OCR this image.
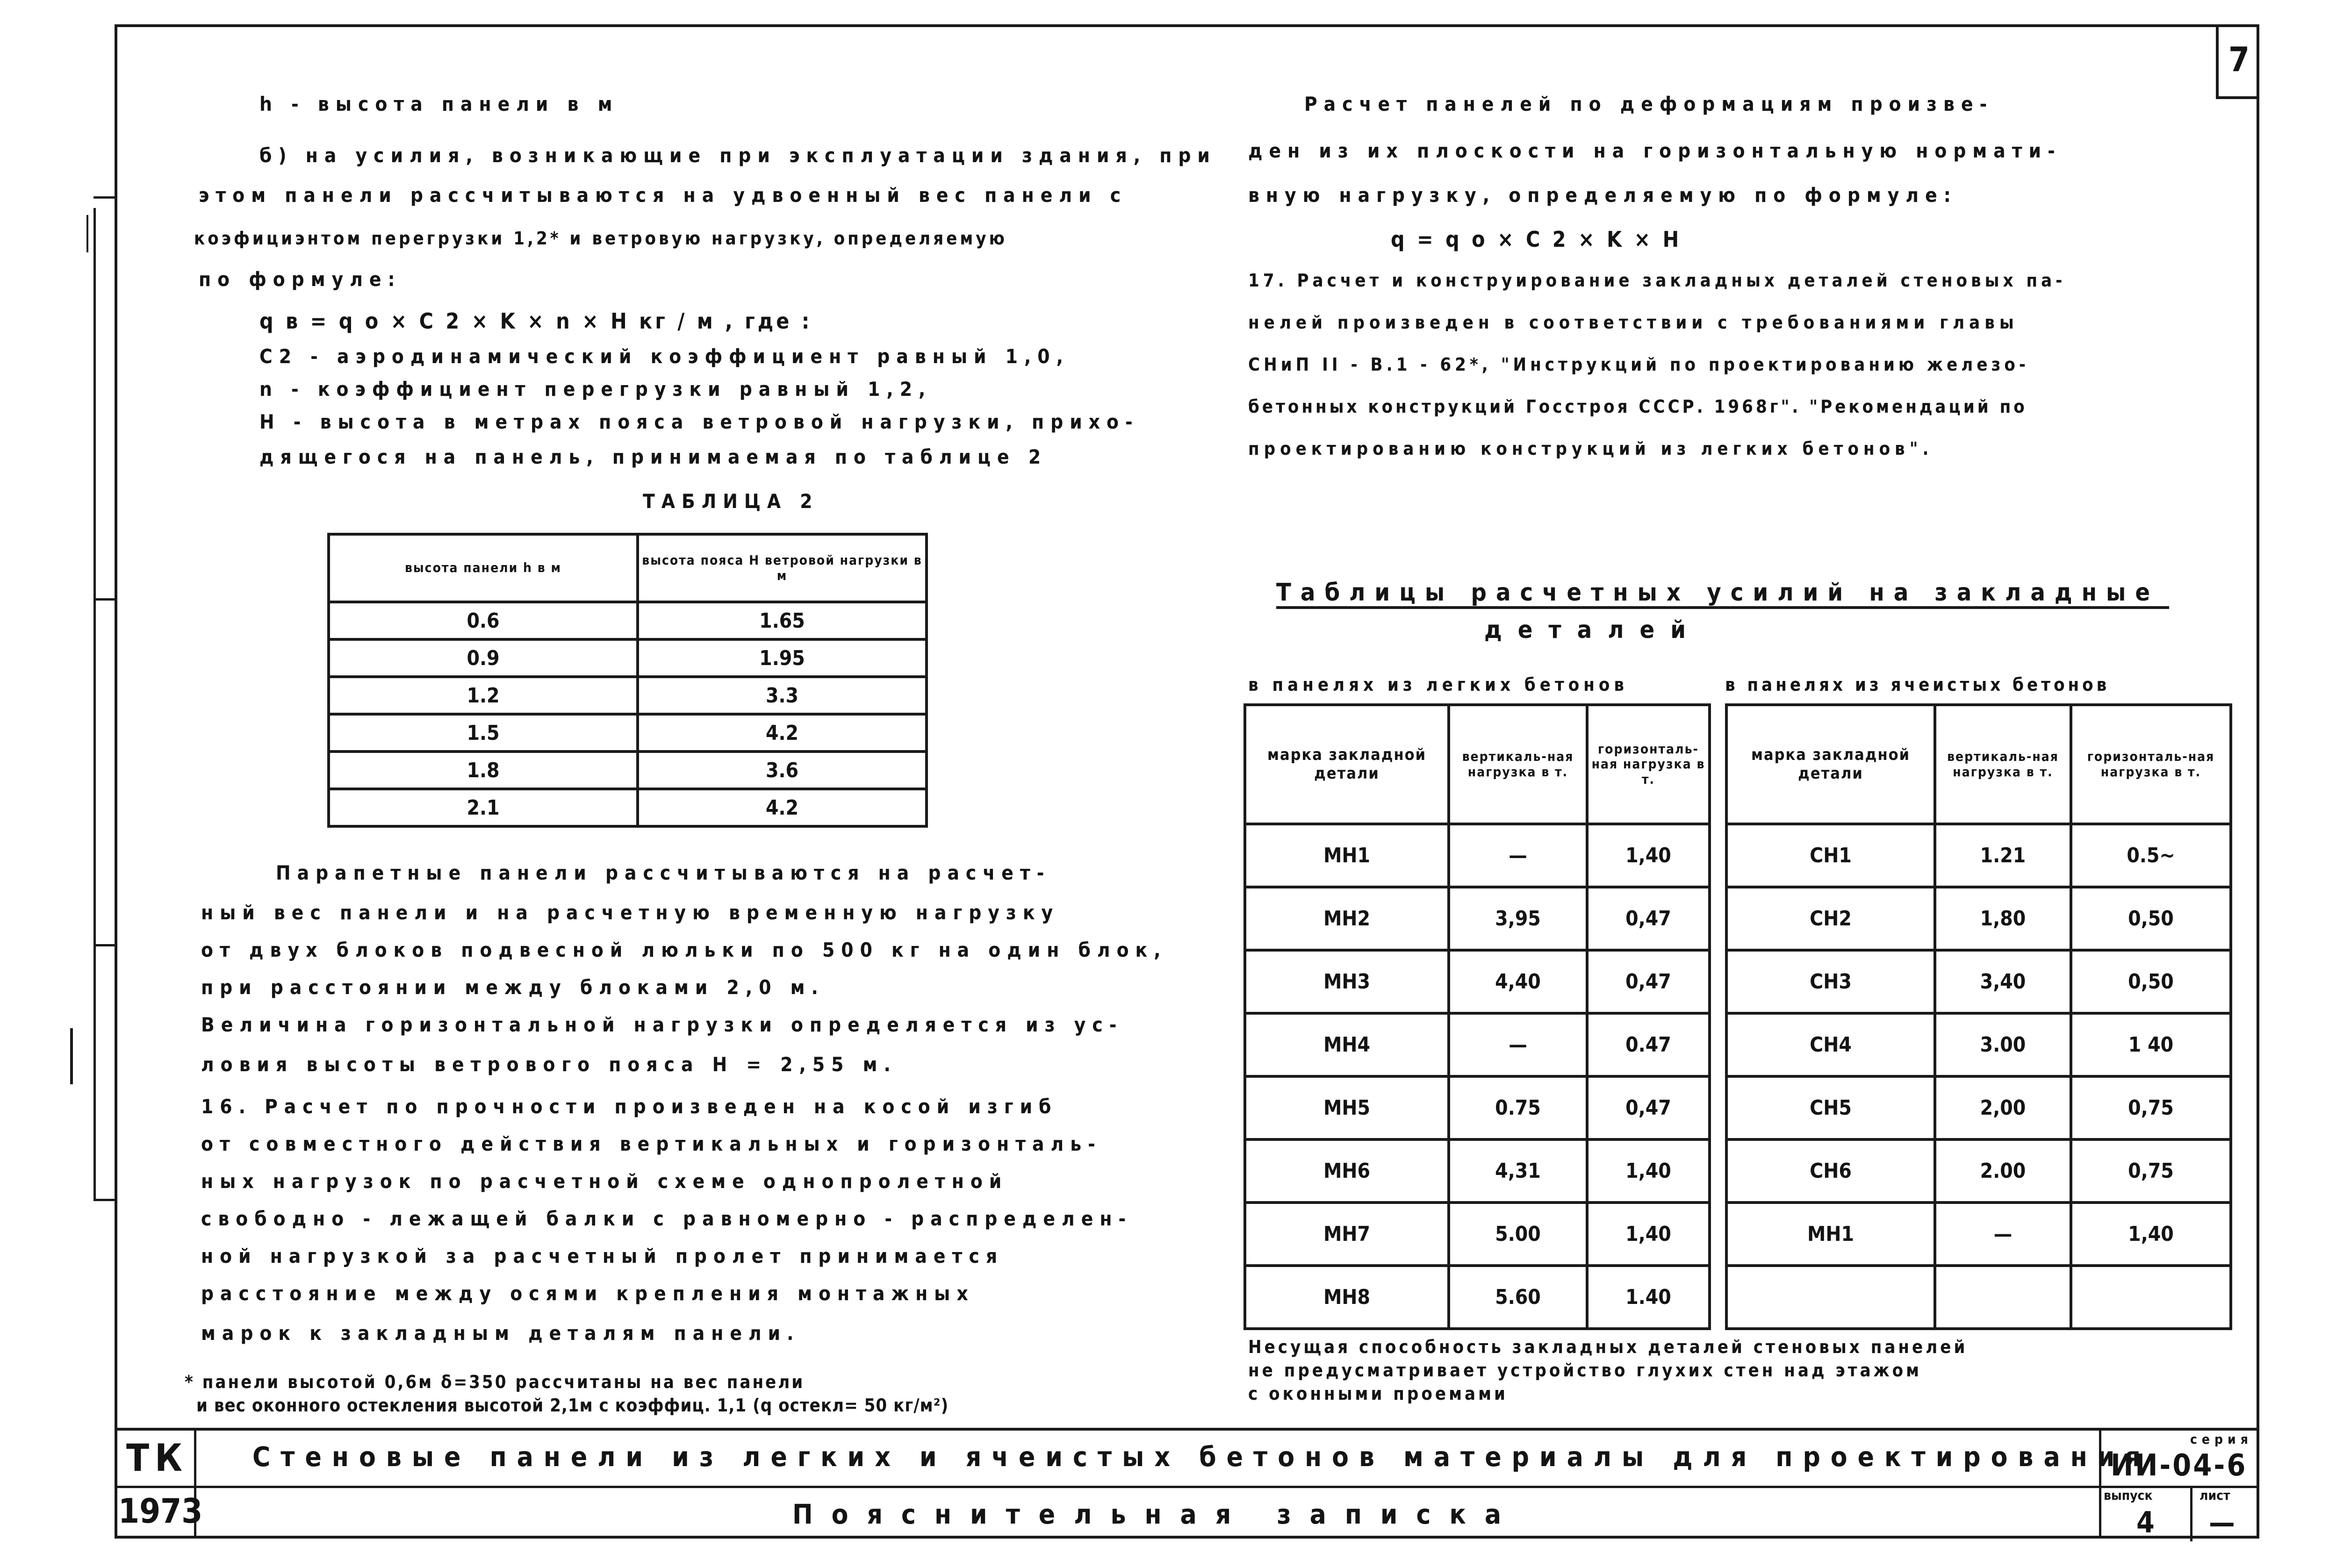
7
h - высота панели в м
б) на усилия, возникающие при эксплуатации здания, при
этом панели рассчитываются на удвоенный вес панели с
коэфициэнтом перегрузки 1,2* и ветровую нагрузку, определяемую
по формуле:
q в = q о × C 2 × K × n × H кг / м , где :
C2 - аэродинамический коэффициент равный 1,0,
n - коэффициент перегрузки равный 1,2,
H - высота в метрах пояса ветровой нагрузки, прихо-
дящегося на панель, принимаемая по таблице 2
ТАБЛИЦА 2
высота панели h в м	высота пояса H ветровой нагрузки в м
0.6	1.65
0.9	1.95
1.2	3.3
1.5	4.2
1.8	3.6
2.1	4.2
Парапетные панели рассчитываются на расчет-
ный вес панели и на расчетную временную нагрузку
от двух блоков подвесной люльки по 500 кг на один блок,
при расстоянии между блоками 2,0 м.
Величина горизонтальной нагрузки определяется из ус-
ловия высоты ветрового пояса H = 2,55 м.
16. Расчет по прочности произведен на косой изгиб
от совместного действия вертикальных и горизонталь-
ных нагрузок по расчетной схеме однопролетной
свободно - лежащей балки с равномерно - распределен-
ной нагрузкой за расчетный пролет принимается
расстояние между осями крепления монтажных
марок к закладным деталям панели.
* панели высотой 0,6м δ=350 рассчитаны на вес панели
и вес оконного остекления высотой 2,1м с коэффиц. 1,1 (q остекл= 50 кг/м²)
Расчет панелей по деформациям произве-
ден из их плоскости на горизонтальную нормати-
вную нагрузку, определяемую по формуле:
q = q о × C 2 × K × H
17. Расчет и конструирование закладных деталей стеновых па-
нелей произведен в соответствии с требованиями главы
СНиП II - В.1 - 62*, "Инструкций по проектированию железо-
бетонных конструкций Госстроя СССР. 1968г". "Рекомендаций по
проектированию конструкций из легких бетонов".
Таблицы расчетных усилий на закладные
деталей
в панелях из легких бетонов	в панелях из ячеистых бетонов
марка закладной детали	вертикаль-ная нагрузка в т.	горизонталь-ная нагрузка в т.
МН1	—	1,40
МН2	3,95	0,47
МН3	4,40	0,47
МН4	—	0.47
МН5	0.75	0,47
МН6	4,31	1,40
МН7	5.00	1,40
МН8	5.60	1.40
марка закладной детали	вертикаль-ная нагрузка в т.	горизонталь-ная нагрузка в т.
СН1	1.21	0.5~
СН2	1,80	0,50
СН3	3,40	0,50
СН4	3.00	1 40
СН5	2,00	0,75
СН6	2.00	0,75
МН1	—	1,40

Несущая способность закладных деталей стеновых панелей
не предусматривает устройство глухих стен над этажом
с оконными проемами
ТК
1973
Стеновые панели из легких и ячеистых бетонов материалы для проектирования
Пояснительная записка
серия
ИИ-04-6
выпуск
4
лист
—
